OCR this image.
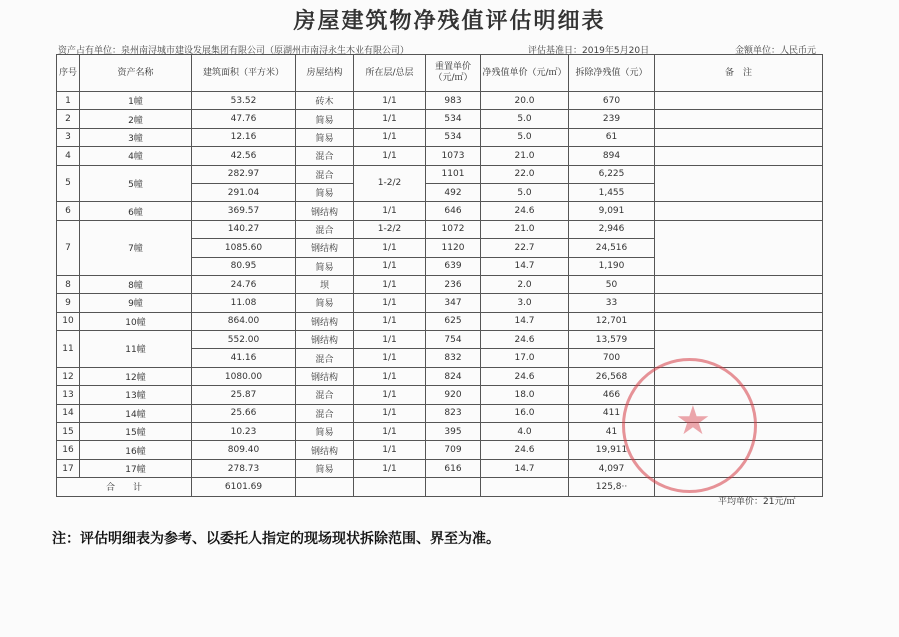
房屋建筑物净残值评估明细表
资产占有单位：泉州南浔城市建设发展集团有限公司（原湖州市南浔永生木业有限公司）	评估基准日：2019年5月20日	金额单位：人民币元
序号	资产名称	建筑面积（平方米）	房屋结构	所在层/总层	重置单价（元/㎡）	净残值单价（元/㎡）	拆除净残值（元）	备　注
1	1幢	53.52	砖木	1/1	983	20.0	670	
2	2幢	47.76	简易	1/1	534	5.0	239	
3	3幢	12.16	简易	1/1	534	5.0	61	
4	4幢	42.56	混合	1/1	1073	21.0	894	
5	5幢	282.97	混合	1-2/2	1101	22.0	6,225	
		291.04	简易		492	5.0	1,455	
6	6幢	369.57	钢结构	1/1	646	24.6	9,091	
7	7幢	140.27	混合	1-2/2	1072	21.0	2,946	
		1085.60	钢结构	1/1	1120	22.7	24,516	
		80.95	简易	1/1	639	14.7	1,190	
8	8幢	24.76	坝	1/1	236	2.0	50	
9	9幢	11.08	简易	1/1	347	3.0	33	
10	10幢	864.00	钢结构	1/1	625	14.7	12,701	
11	11幢	552.00	钢结构	1/1	754	24.6	13,579	
		41.16	混合	1/1	832	17.0	700	
12	12幢	1080.00	钢结构	1/1	824	24.6	26,568	
13	13幢	25.87	混合	1/1	920	18.0	466	
14	14幢	25.66	混合	1/1	823	16.0	411	
15	15幢	10.23	简易	1/1	395	4.0	41	
16	16幢	809.40	钢结构	1/1	709	24.6	19,911	
17	17幢	278.73	简易	1/1	616	14.7	4,097	
合　　计		6101.69					125,8··	
平均单价：21元/㎡
★
注：评估明细表为参考、以委托人指定的现场现状拆除范围、界至为准。
